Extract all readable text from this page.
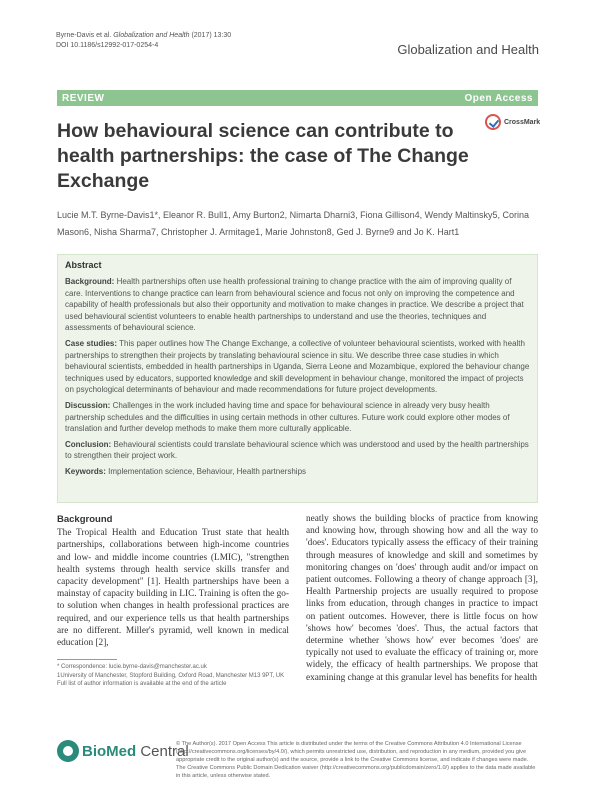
Byrne-Davis et al. Globalization and Health (2017) 13:30
DOI 10.1186/s12992-017-0254-4	Globalization and Health
REVIEW	Open Access
How behavioural science can contribute to health partnerships: the case of The Change Exchange
CrossMark
Lucie M.T. Byrne-Davis1*, Eleanor R. Bull1, Amy Burton2, Nimarta Dharni3, Fiona Gillison4, Wendy Maltinsky5, Corina Mason6, Nisha Sharma7, Christopher J. Armitage1, Marie Johnston8, Ged J. Byrne9 and Jo K. Hart1
Abstract

Background: Health partnerships often use health professional training to change practice with the aim of improving quality of care. Interventions to change practice can learn from behavioural science and focus not only on improving the competence and capability of health professionals but also their opportunity and motivation to make changes in practice. We describe a project that used behavioural scientist volunteers to enable health partnerships to understand and use the theories, techniques and assessments of behavioural science.

Case studies: This paper outlines how The Change Exchange, a collective of volunteer behavioural scientists, worked with health partnerships to strengthen their projects by translating behavioural science in situ. We describe three case studies in which behavioural scientists, embedded in health partnerships in Uganda, Sierra Leone and Mozambique, explored the behaviour change techniques used by educators, supported knowledge and skill development in behaviour change, monitored the impact of projects on psychological determinants of behaviour and made recommendations for future project developments.

Discussion: Challenges in the work included having time and space for behavioural science in already very busy health partnership schedules and the difficulties in using certain methods in other cultures. Future work could explore other modes of translation and further develop methods to make them more culturally applicable.

Conclusion: Behavioural scientists could translate behavioural science which was understood and used by the health partnerships to strengthen their project work.

Keywords: Implementation science, Behaviour, Health partnerships

Background

The Tropical Health and Education Trust state that health partnerships, collaborations between high-income countries and low- and middle income countries (LMIC), "strengthen health systems through health service skills transfer and capacity development" [1]. Health partnerships have been a mainstay of capacity building in LIC. Training is often the go-to solution when changes in health professional practices are required, and our experience tells us that health partnerships are no different. Miller's pyramid, well known in medical education [2],

neatly shows the building blocks of practice from knowing and knowing how, through showing how and all the way to 'does'. Educators typically assess the efficacy of their training through measures of knowledge and skill and sometimes by monitoring changes on 'does' through audit and/or impact on patient outcomes. Following a theory of change approach [3], Health Partnership projects are usually required to propose links from education, through changes in practice to impact on patient outcomes. However, there is little focus on how 'shows how' becomes 'does'. Thus, the actual factors that determine whether 'shows how' ever becomes 'does' are typically not used to evaluate the efficacy of training or, more widely, the efficacy of health partnerships. We propose that examining change at this granular level has benefits for health

* Correspondence: lucie.byrne-davis@manchester.ac.uk
1University of Manchester, Stopford Building, Oxford Road, Manchester M13 9PT, UK
Full list of author information is available at the end of the article
BioMed Central
© The Author(s). 2017 Open Access This article is distributed under the terms of the Creative Commons Attribution 4.0 International License (http://creativecommons.org/licenses/by/4.0/), which permits unrestricted use, distribution, and reproduction in any medium, provided you give appropriate credit to the original author(s) and the source, provide a link to the Creative Commons license, and indicate if changes were made. The Creative Commons Public Domain Dedication waiver (http://creativecommons.org/publicdomain/zero/1.0/) applies to the data made available in this article, unless otherwise stated.
